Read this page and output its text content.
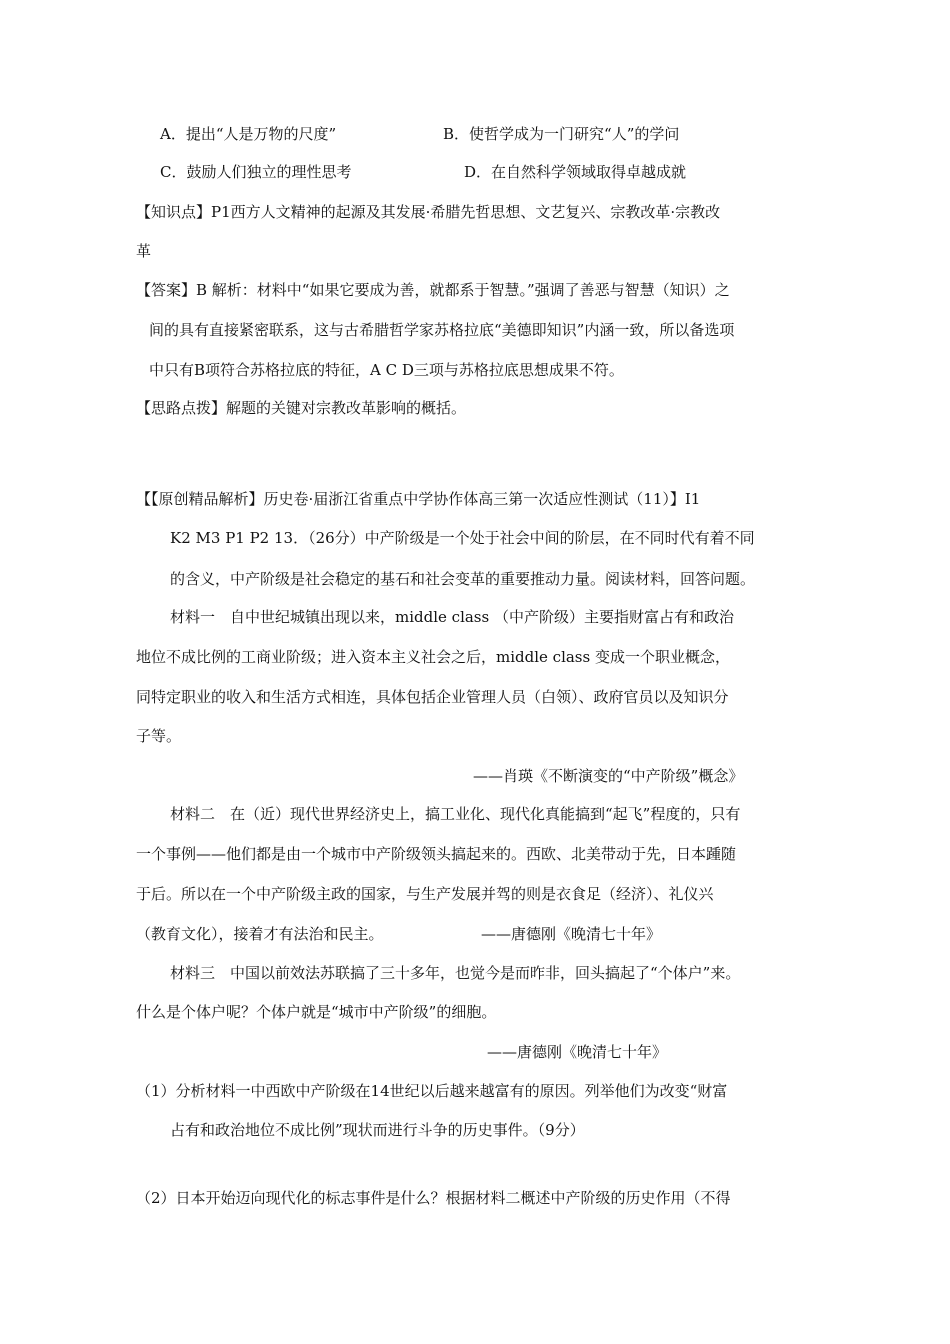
A．提出“人是万物的尺度”	B．使哲学成为一门研究“人”的学问
C．鼓励人们独立的理性思考	D．在自然科学领域取得卓越成就
【知识点】P1西方人文精神的起源及其发展·希腊先哲思想、文艺复兴、宗教改革·宗教改
革
【答案】B 解析：材料中“如果它要成为善，就都系于智慧。”强调了善恶与智慧（知识）之
间的具有直接紧密联系，这与古希腊哲学家苏格拉底“美德即知识”内涵一致，所以备选项
中只有B项符合苏格拉底的特征，A C D三项与苏格拉底思想成果不符。
【思路点拨】解题的关键对宗教改革影响的概括。
【【原创精品解析】历史卷·届浙江省重点中学协作体高三第一次适应性测试（11）】I1
K2 M3 P1 P2 13．（26分）中产阶级是一个处于社会中间的阶层，在不同时代有着不同
的含义，中产阶级是社会稳定的基石和社会变革的重要推动力量。阅读材料，回答问题。
材料一　自中世纪城镇出现以来，middle class （中产阶级）主要指财富占有和政治
地位不成比例的工商业阶级；进入资本主义社会之后，middle class 变成一个职业概念，
同特定职业的收入和生活方式相连，具体包括企业管理人员（白领）、政府官员以及知识分
子等。
——肖瑛《不断演变的“中产阶级”概念》
材料二　在（近）现代世界经济史上，搞工业化、现代化真能搞到“起飞”程度的，只有
一个事例——他们都是由一个城市中产阶级领头搞起来的。西欧、北美带动于先，日本踵随
于后。所以在一个中产阶级主政的国家，与生产发展并驾的则是衣食足（经济）、礼仪兴
（教育文化），接着才有法治和民主。	——唐德刚《晚清七十年》
材料三　中国以前效法苏联搞了三十多年，也觉今是而昨非，回头搞起了“个体户”来。
什么是个体户呢？个体户就是“城市中产阶级”的细胞。
——唐德刚《晚清七十年》
（1）分析材料一中西欧中产阶级在14世纪以后越来越富有的原因。列举他们为改变“财富
占有和政治地位不成比例”现状而进行斗争的历史事件。（9分）
（2）日本开始迈向现代化的标志事件是什么？根据材料二概述中产阶级的历史作用（不得
